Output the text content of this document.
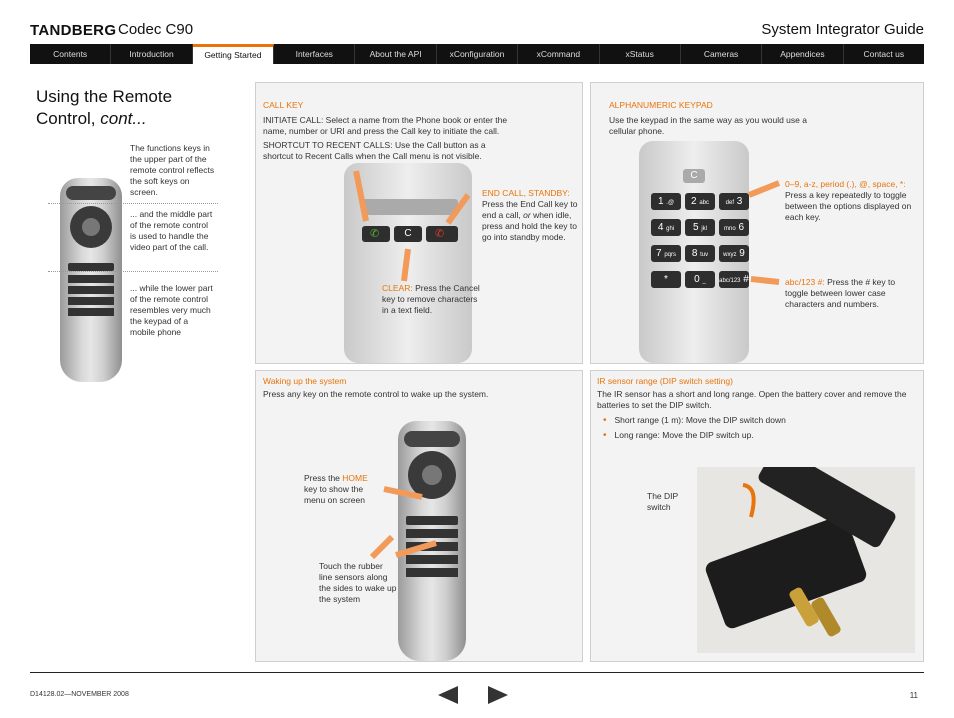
TANDBERG Codec C90	System Integrator Guide
Contents	Introduction	Getting Started	Interfaces	About the API	xConfiguration	xCommand	xStatus	Cameras	Appendices	Contact us
Using the Remote
Control, cont...
The functions keys in the upper part of the remote control reflects the soft keys on screen.
... and the middle part of the remote control is used to handle the video part of the call.
... while the lower part of the remote control resembles very much the keypad of a mobile phone
CALL KEY
INITIATE CALL: Select a name from the Phone book or enter the name, number or URI and press the Call key to initiate the call.
SHORTCUT TO RECENT CALLS: Use the Call button as a shortcut to Recent Calls when the Call menu is not visible.
✆	C	✆
END CALL, STANDBY: Press the End Call key to end a call, or when idle, press and hold the key to go into standby mode.
CLEAR: Press the Cancel key to remove characters in a text field.
ALPHANUMERIC KEYPAD
Use the keypad in the same way as you would use a cellular phone.
C
1 .@	2 abc	def 3
4 ghi	5 jkl	mno 6
7 pqrs	8 tuv	wxyz 9
*	0 _	abc/123 #
0–9, a-z, period (.), @, space, *: Press a key repeatedly to toggle between the options displayed on each key.
abc/123 #: Press the # key to toggle between lower case characters and numbers.
Waking up the system
Press any key on the remote control to wake up the system.
Press the HOME key to show the menu on screen
Touch the rubber line sensors along the sides to wake up the system
IR sensor range (DIP switch setting)
The IR sensor has a short and long range. Open the battery cover and remove the batteries to set the DIP switch.
• Short range (1 m): Move the DIP switch down
• Long range: Move the DIP switch up.
The DIP switch
D14128.02—NOVEMBER 2008	11
